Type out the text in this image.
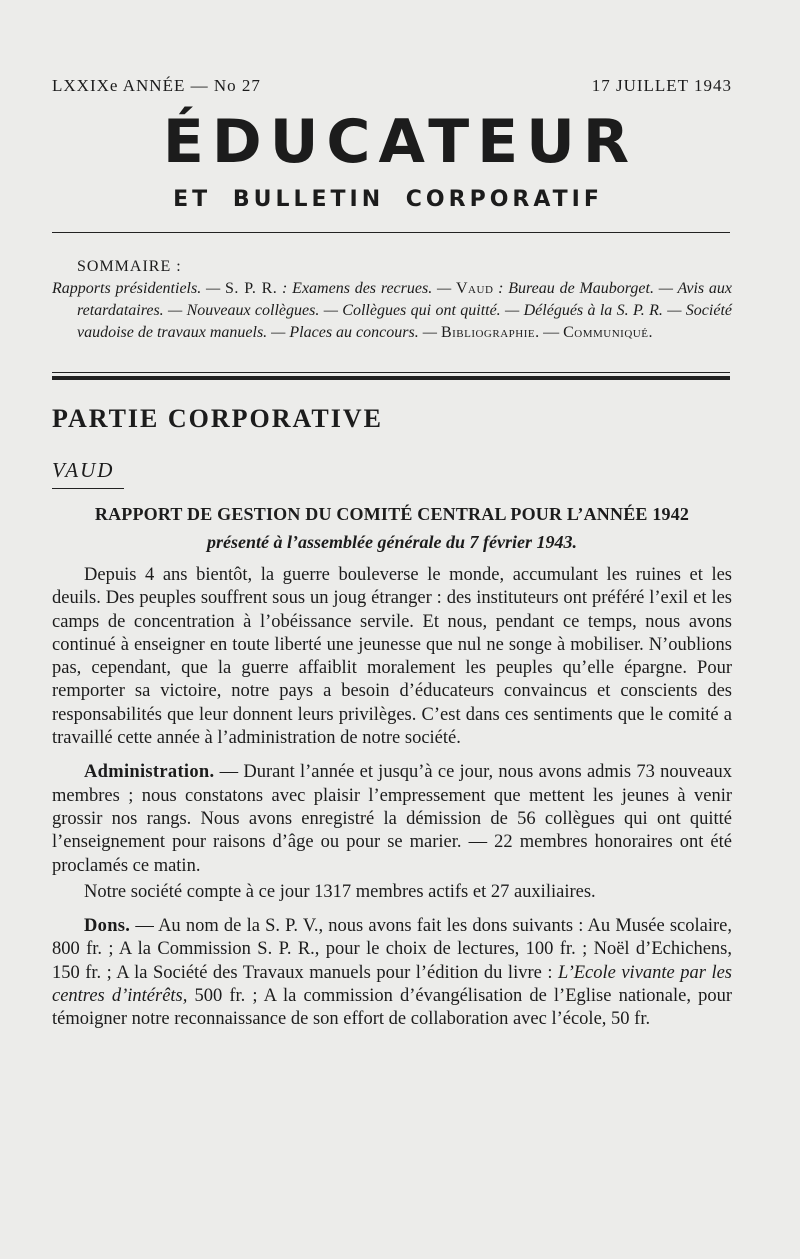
LXXIXe ANNÉE — No 27	17 JUILLET 1943
ÉDUCATEUR
ET BULLETIN CORPORATIF
SOMMAIRE :
Rapports présidentiels. — S. P. R. : Examens des recrues. — Vaud : Bureau de Mauborget. — Avis aux retardataires. — Nouveaux collègues. — Collègues qui ont quitté. — Délégués à la S. P. R. — Société vaudoise de travaux manuels. — Places au concours. — Bibliographie. — Communiqué.
PARTIE CORPORATIVE
VAUD
RAPPORT DE GESTION DU COMITÉ CENTRAL POUR L’ANNÉE 1942
présenté à l’assemblée générale du 7 février 1943.

Depuis 4 ans bientôt, la guerre bouleverse le monde, accumulant les ruines et les deuils. Des peuples souffrent sous un joug étranger : des instituteurs ont préféré l’exil et les camps de concentration à l’obéissance servile. Et nous, pendant ce temps, nous avons continué à enseigner en toute liberté une jeunesse que nul ne songe à mobiliser. N’oublions pas, cependant, que la guerre affaiblit moralement les peuples qu’elle épargne. Pour remporter sa victoire, notre pays a besoin d’éducateurs convaincus et conscients des responsabilités que leur donnent leurs privilèges. C’est dans ces sentiments que le comité a travaillé cette année à l’administration de notre société.

Administration. — Durant l’année et jusqu’à ce jour, nous avons admis 73 nouveaux membres ; nous constatons avec plaisir l’empressement que mettent les jeunes à venir grossir nos rangs. Nous avons enregistré la démission de 56 collègues qui ont quitté l’enseignement pour raisons d’âge ou pour se marier. — 22 membres honoraires ont été proclamés ce matin.

Notre société compte à ce jour 1317 membres actifs et 27 auxiliaires.

Dons. — Au nom de la S. P. V., nous avons fait les dons suivants : Au Musée scolaire, 800 fr. ; A la Commission S. P. R., pour le choix de lectures, 100 fr. ; Noël d’Echichens, 150 fr. ; A la Société des Travaux manuels pour l’édition du livre : L’Ecole vivante par les centres d’intérêts, 500 fr. ; A la commission d’évangélisation de l’Eglise nationale, pour témoigner notre reconnaissance de son effort de collaboration avec l’école, 50 fr.
